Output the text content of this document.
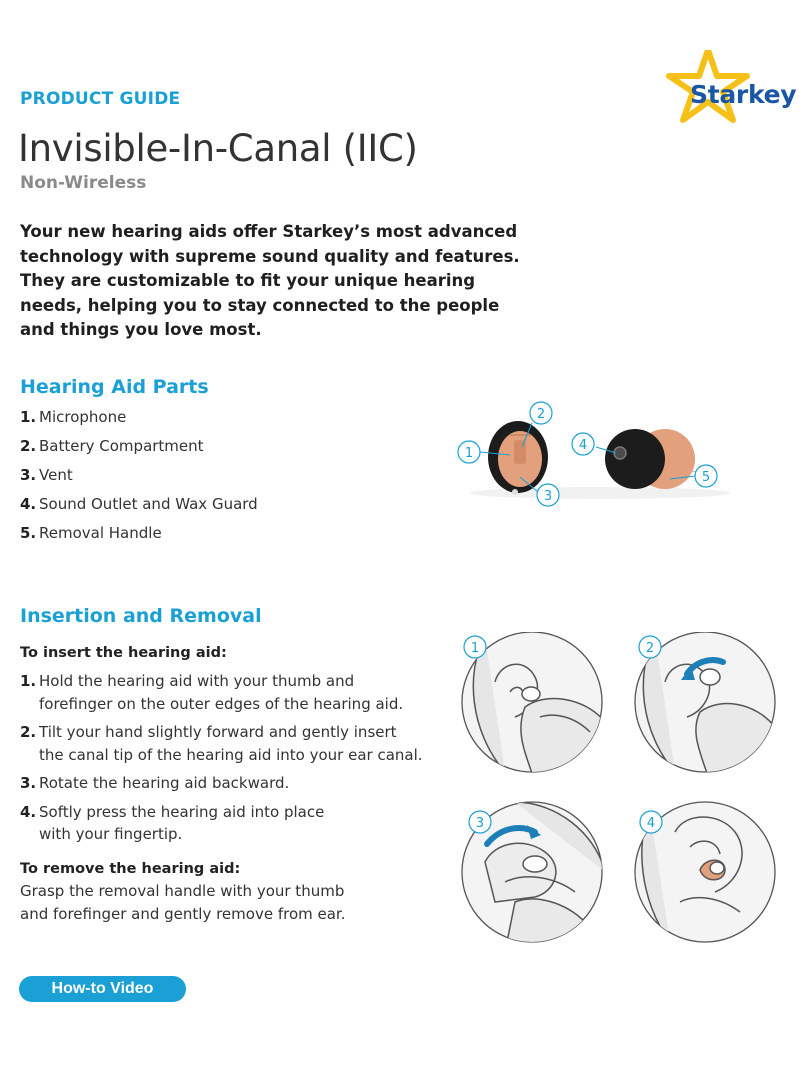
PRODUCT GUIDE
Invisible-In-Canal (IIC)
Non-Wireless
Starkey
Your new hearing aids offer Starkey’s most advanced
technology with supreme sound quality and features.
They are customizable to fit your unique hearing
needs, helping you to stay connected to the people
and things you love most.
Hearing Aid Parts
1. Microphone
2. Battery Compartment
3. Vent
4. Sound Outlet and Wax Guard
5. Removal Handle
1
2
3
4
5
Insertion and Removal
To insert the hearing aid:
1. Hold the hearing aid with your thumb and
forefinger on the outer edges of the hearing aid.
2. Tilt your hand slightly forward and gently insert
the canal tip of the hearing aid into your ear canal.
3. Rotate the hearing aid backward.
4. Softly press the hearing aid into place
with your fingertip.
To remove the hearing aid:
Grasp the removal handle with your thumb
and forefinger and gently remove from ear.
1	2
3	4
How-to Video
